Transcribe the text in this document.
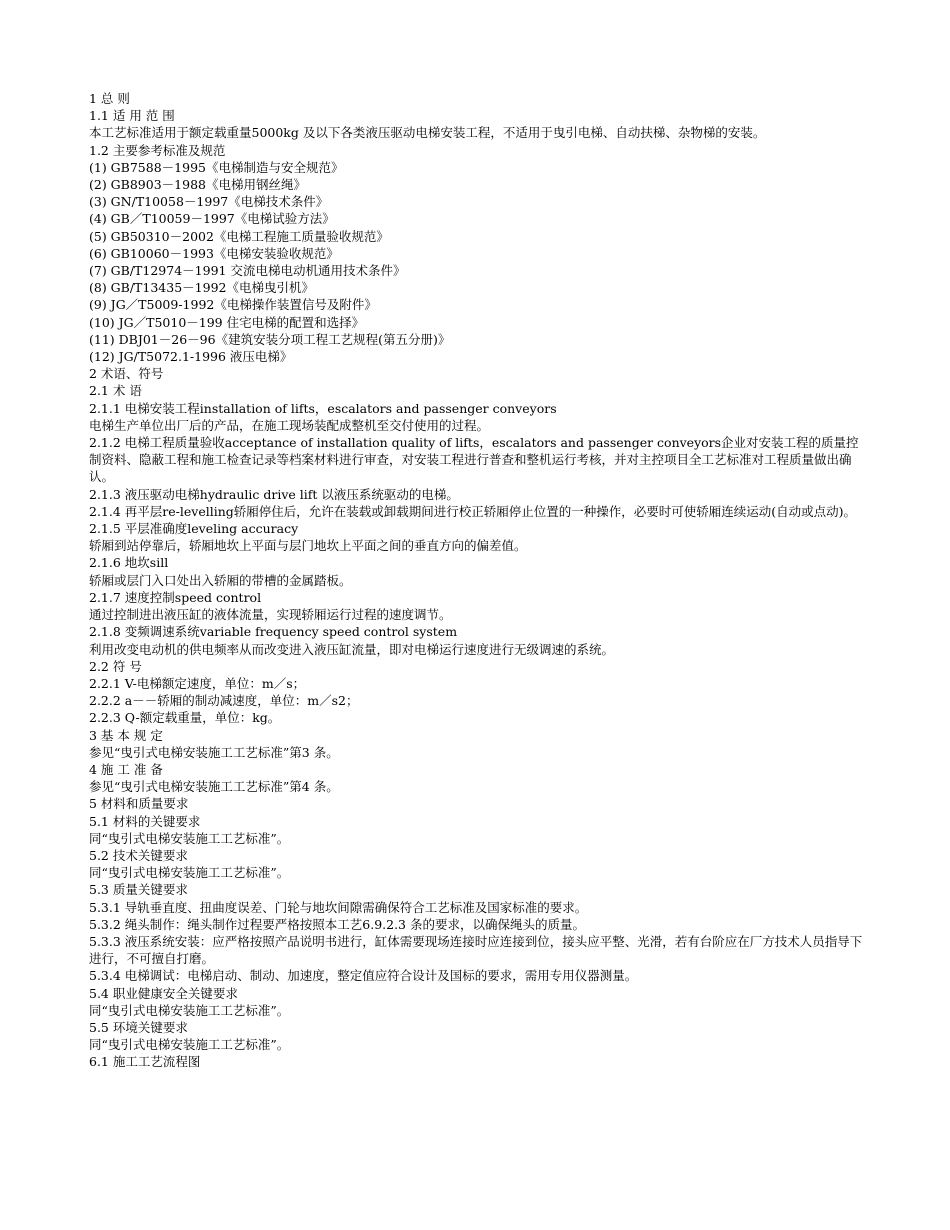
1 总 则
1.1 适 用 范 围
本工艺标准适用于额定载重量5000kg 及以下各类液压驱动电梯安装工程，不适用于曳引电梯、自动扶梯、杂物梯的安装。
1.2 主要参考标准及规范
(1) GB7588－1995《电梯制造与安全规范》
(2) GB8903－1988《电梯用钢丝绳》
(3) GN/T10058－1997《电梯技术条件》
(4) GB／T10059－1997《电梯试验方法》
(5) GB50310－2002《电梯工程施工质量验收规范》
(6) GB10060－1993《电梯安装验收规范》
(7) GB/T12974－1991 交流电梯电动机通用技术条件》
(8) GB/T13435－1992《电梯曳引机》
(9) JG／T5009-1992《电梯操作装置信号及附件》
(10) JG／T5010－199 住宅电梯的配置和选择》
(11) DBJ01－26－96《建筑安装分项工程工艺规程(第五分册)》
(12) JG/T5072.1-1996 液压电梯》
2 术语、符号
2.1 术 语
2.1.1 电梯安装工程installation of lifts，escalators and passenger conveyors
电梯生产单位出厂后的产品，在施工现场装配成整机至交付使用的过程。
2.1.2 电梯工程质量验收acceptance of installation quality of lifts，escalators and passenger conveyors企业对安装工程的质量控制资料、隐蔽工程和施工检查记录等档案材料进行审查，对安装工程进行普查和整机运行考核，并对主控项目全工艺标准对工程质量做出确认。
2.1.3 液压驱动电梯hydraulic drive lift 以液压系统驱动的电梯。
2.1.4 再平层re-levelling轿厢停住后，允许在装载或卸载期间进行校正轿厢停止位置的一种操作，必要时可使轿厢连续运动(自动或点动)。
2.1.5 平层准确度leveling accuracy
轿厢到站停靠后，轿厢地坎上平面与层门地坎上平面之间的垂直方向的偏差值。
2.1.6 地坎sill
轿厢或层门入口处出入轿厢的带槽的金属踏板。
2.1.7 速度控制speed control
通过控制进出液压缸的液体流量，实现轿厢运行过程的速度调节。
2.1.8 变频调速系统variable frequency speed control system
利用改变电动机的供电频率从而改变进入液压缸流量，即对电梯运行速度进行无级调速的系统。
2.2 符 号
2.2.1 V-电梯额定速度，单位：m／s；
2.2.2 a－－轿厢的制动减速度，单位：m／s2；
2.2.3 Q-额定载重量，单位：kg。
3 基 本 规 定
参见“曳引式电梯安装施工工艺标准”第3 条。
4 施 工 准 备
参见“曳引式电梯安装施工工艺标准”第4 条。
5 材料和质量要求
5.1 材料的关键要求
同“曳引式电梯安装施工工艺标准”。
5.2 技术关键要求
同“曳引式电梯安装施工工艺标准”。
5.3 质量关键要求
5.3.1 导轨垂直度、扭曲度误差、门轮与地坎间隙需确保符合工艺标准及国家标准的要求。
5.3.2 绳头制作：绳头制作过程要严格按照本工艺6.9.2.3 条的要求，以确保绳头的质量。
5.3.3 液压系统安装：应严格按照产品说明书进行，缸体需要现场连接时应连接到位，接头应平整、光滑，若有台阶应在厂方技术人员指导下进行，不可擅自打磨。
5.3.4 电梯调试：电梯启动、制动、加速度，整定值应符合设计及国标的要求，需用专用仪器测量。
5.4 职业健康安全关键要求
同“曳引式电梯安装施工工艺标准”。
5.5 环境关键要求
同“曳引式电梯安装施工工艺标准”。
6.1 施工工艺流程图
